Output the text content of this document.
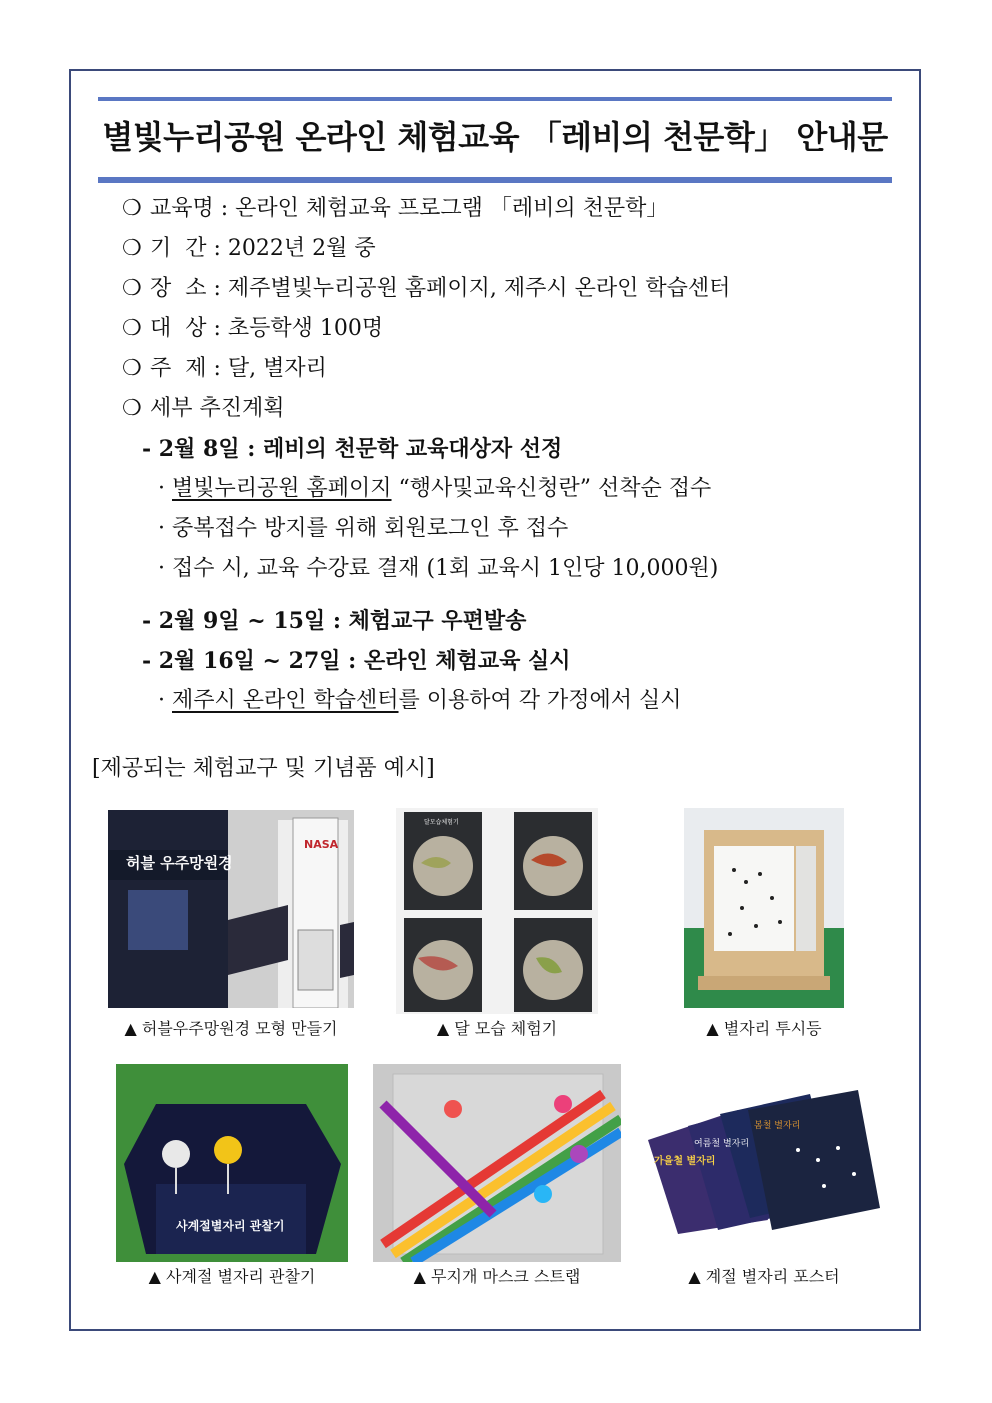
별빛누리공원 온라인 체험교육 「레비의 천문학」 안내문
❍ 교육명 : 온라인 체험교육 프로그램 「레비의 천문학」
❍ 기  간 : 2022년 2월 중
❍ 장  소 : 제주별빛누리공원 홈페이지, 제주시 온라인 학습센터
❍ 대  상 : 초등학생 100명
❍ 주  제 : 달, 별자리
❍ 세부 추진계획
- 2월 8일 : 레비의 천문학 교육대상자 선정
· 별빛누리공원 홈페이지 “행사및교육신청란” 선착순 접수
· 중복접수 방지를 위해 회원로그인 후 접수
· 접수 시, 교육 수강료 결재 (1회 교육시 1인당 10,000원)
- 2월 9일 ~ 15일 : 체험교구 우편발송
- 2월 16일 ~ 27일 : 온라인 체험교육 실시
· 제주시 온라인 학습센터를 이용하여 각 가정에서 실시
[제공되는 체험교구 및 기념품 예시]
허블 우주망원경
NASA
▲ 허블우주망원경 모형 만들기
달모습체험기
▲ 달 모습 체험기	▲ 별자리 투시등
사계절별자리 관찰기
▲ 사계절 별자리 관찰기	▲ 무지개 마스크 스트랩
가을철 별자리
여름철 별자리
봄철 별자리
▲ 계절 별자리 포스터
